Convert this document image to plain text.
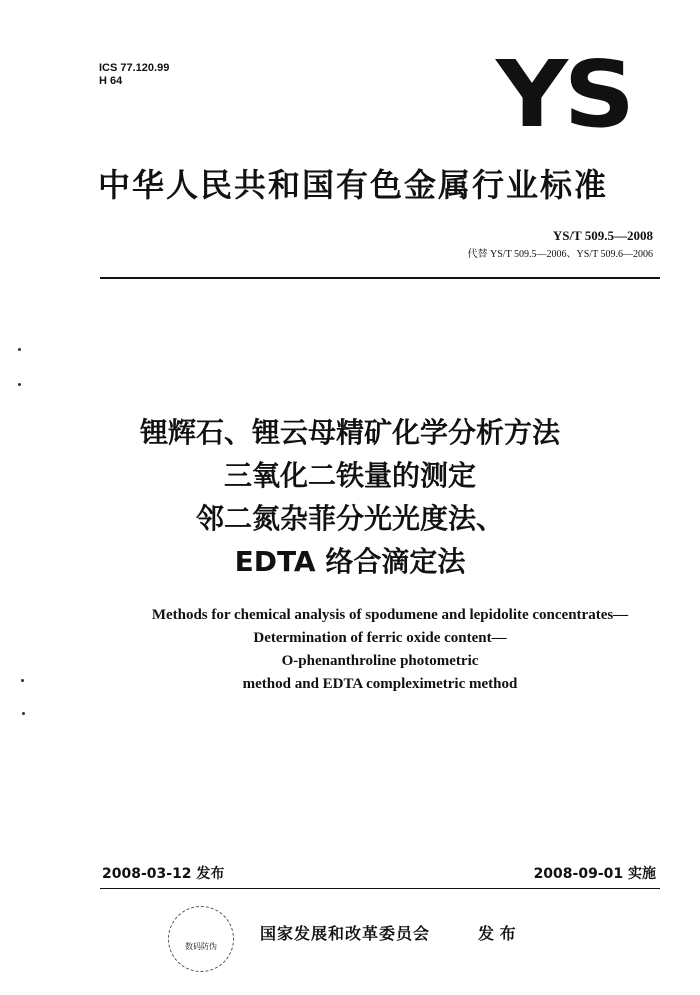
ICS 77.120.99
H 64	YS
中华人民共和国有色金属行业标准
YS/T 509.5—2008
代替 YS/T 509.5—2006、YS/T 509.6—2006
锂辉石、锂云母精矿化学分析方法
三氧化二铁量的测定
邻二氮杂菲分光光度法、
EDTA 络合滴定法
Methods for chemical analysis of spodumene and lepidolite concentrates—
Determination of ferric oxide content—
O-phenanthroline photometric
method and EDTA compleximetric method
2008-03-12 发布	2008-09-01 实施
数码防伪
国家发展和改革委员会	发 布
